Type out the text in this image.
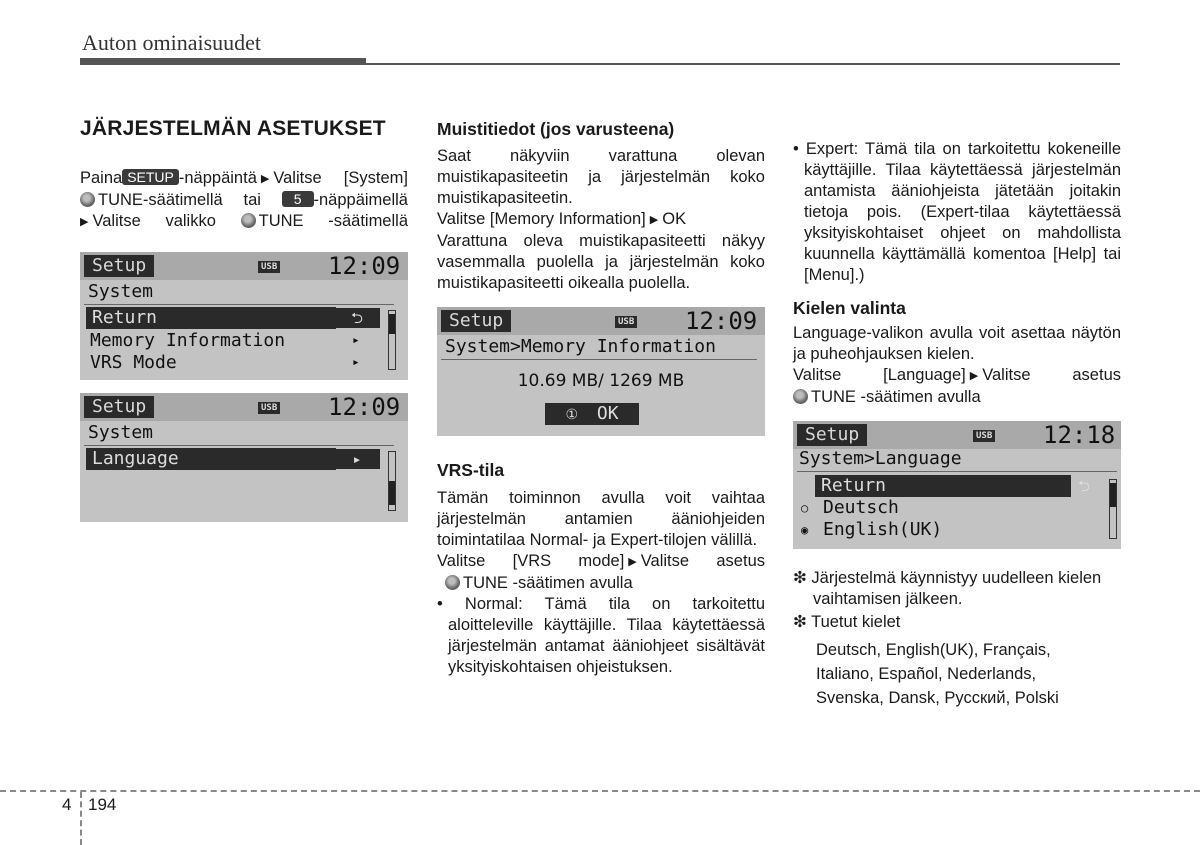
Auton ominaisuudet
JÄRJESTELMÄN ASETUKSET

Paina SETUP -näppäintä ▶ Valitse [System]

TUNE-säätimellä tai 5 -näppäimellä

▶ Valitse valikko	TUNE -säätimellä

Setup	USB 12:09
System
Return	⮌
Memory Information	▸
VRS Mode	▸
Setup	USB 12:09
System
Language	▸
Muistitiedot (jos varusteena)

Saat näkyviin varattuna olevan muistikapasiteetin ja järjestelmän koko muistikapasiteetin.

Valitse [Memory Information] ▶ OK

Varattuna oleva muistikapasiteetti näkyy vasemmalla puolella ja järjestelmän koko muistikapasiteetti oikealla puolella.

Setup	USB 12:09
System>Memory Information
10.69 MB/ 1269 MB
① OK
VRS-tila

Tämän toiminnon avulla voit vaihtaa järjestelmän antamien ääniohjeiden toimintatilaa Normal- ja Expert-tilojen välillä.

Valitse [VRS mode] ▶ Valitse asetus

TUNE -säätimen avulla

• Normal: Tämä tila on tarkoitettu aloitteleville käyttäjille. Tilaa käytettäessä järjestelmän antamat ääniohjeet sisältävät yksityiskohtaisen ohjeistuksen.

• Expert: Tämä tila on tarkoitettu kokeneille käyttäjille. Tilaa käytettäessä järjestelmän antamista ääniohjeista jätetään joitakin tietoja pois. (Expert-tilaa käytettäessä yksityiskohtaiset ohjeet on mahdollista kuunnella käyttämällä komentoa [Help] tai [Menu].)

Kielen valinta

Language-valikon avulla voit asettaa näytön ja puheohjauksen kielen.

Valitse [Language] ▶ Valitse asetus

TUNE -säätimen avulla

Setup	USB 12:18
System>Language
Return	⮌
○ Deutsch
◉ English(UK)

❇ Järjestelmä käynnistyy uudelleen kielen vaihtamisen jälkeen.

❇ Tuetut kielet

Deutsch, English(UK), Français,

Italiano, Español, Nederlands,

Svenska, Dansk, Русский, Polski

4 194
